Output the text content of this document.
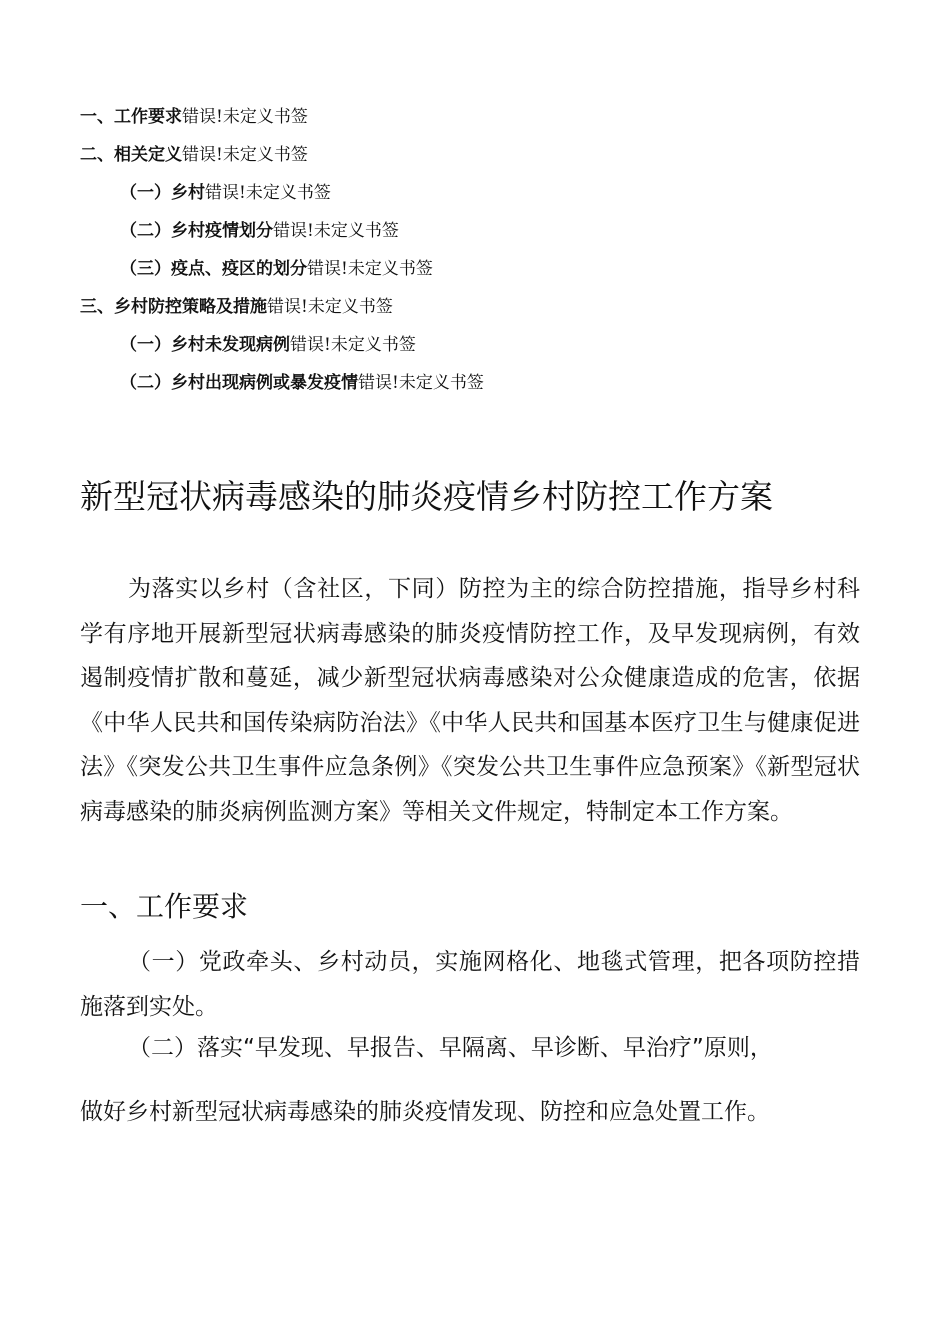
一、工作要求错误!未定义书签
二、相关定义错误!未定义书签
（一）乡村错误!未定义书签
（二）乡村疫情划分错误!未定义书签
（三）疫点、疫区的划分错误!未定义书签
三、乡村防控策略及措施错误!未定义书签
（一）乡村未发现病例错误!未定义书签
（二）乡村出现病例或暴发疫情错误!未定义书签
新型冠状病毒感染的肺炎疫情乡村防控工作方案

为落实以乡村（含社区，下同）防控为主的综合防控措施，指导乡村科学有序地开展新型冠状病毒感染的肺炎疫情防控工作，及早发现病例，有效遏制疫情扩散和蔓延，减少新型冠状病毒感染对公众健康造成的危害，依据《中华人民共和国传染病防治法》《中华人民共和国基本医疗卫生与健康促进法》《突发公共卫生事件应急条例》《突发公共卫生事件应急预案》《新型冠状病毒感染的肺炎病例监测方案》等相关文件规定，特制定本工作方案。

一、工作要求

（一）党政牵头、乡村动员，实施网格化、地毯式管理，把各项防控措施落到实处。

（二）落实“早发现、早报告、早隔离、早诊断、早治疗”原则，

做好乡村新型冠状病毒感染的肺炎疫情发现、防控和应急处置工作。
